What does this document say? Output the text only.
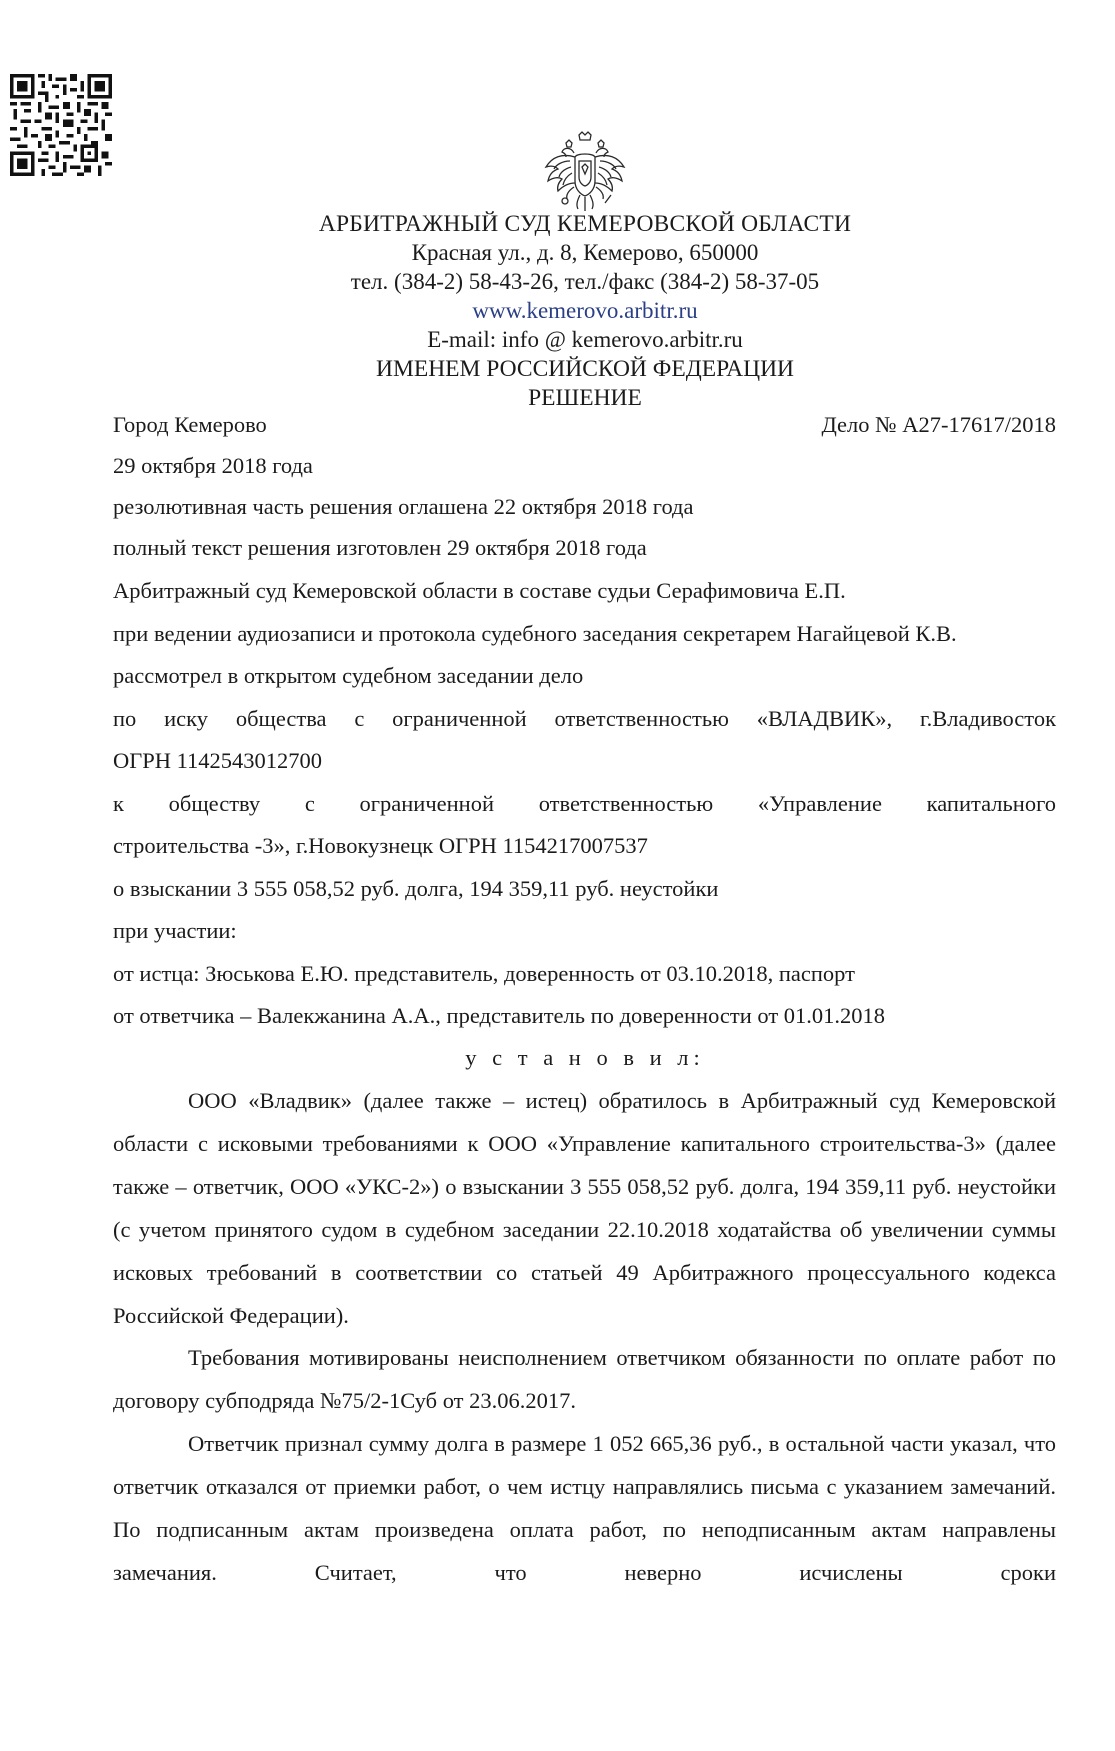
АРБИТРАЖНЫЙ СУД КЕМЕРОВСКОЙ ОБЛАСТИ
Красная ул., д. 8, Кемерово, 650000
тел. (384-2) 58-43-26, тел./факс (384-2) 58-37-05
www.kemerovo.arbitr.ru
E-mail: info @ kemerovo.arbitr.ru
ИМЕНЕМ РОССИЙСКОЙ ФЕДЕРАЦИИ
РЕШЕНИЕ
Город Кемерово	Дело № А27-17617/2018
29 октября 2018 года
резолютивная часть решения оглашена 22 октября 2018 года
полный текст решения изготовлен 29 октября 2018 года
Арбитражный суд Кемеровской области в составе судьи Серафимовича Е.П.
при ведении аудиозаписи и протокола судебного заседания секретарем Нагайцевой К.В.
рассмотрел в открытом судебном заседании дело
по иску общества с ограниченной ответственностью «ВЛАДВИК», г.Владивосток
ОГРН 1142543012700
к обществу с ограниченной ответственностью «Управление капитального
строительства -3», г.Новокузнецк ОГРН 1154217007537
о взыскании 3 555 058,52 руб. долга, 194 359,11 руб. неустойки
при участии:
от истца: Зюськова Е.Ю. представитель, доверенность от 03.10.2018, паспорт
от ответчика – Валекжанина А.А., представитель по доверенности от 01.01.2018
у с т а н о в и л:
ООО «Владвик» (далее также – истец) обратилось в Арбитражный суд Кемеровской области с исковыми требованиями к ООО «Управление капитального строительства-3» (далее также – ответчик, ООО «УКС-2») о взыскании 3 555 058,52 руб. долга, 194 359,11 руб. неустойки (с учетом принятого судом в судебном заседании 22.10.2018 ходатайства об увеличении суммы исковых требований в соответствии со статьей 49 Арбитражного процессуального кодекса Российской Федерации).
Требования мотивированы неисполнением ответчиком обязанности по оплате работ по договору субподряда №75/2-1Суб от 23.06.2017.
Ответчик признал сумму долга в размере 1 052 665,36 руб., в остальной части указал, что ответчик отказался от приемки работ, о чем истцу направлялись письма с указанием замечаний. По подписанным актам произведена оплата работ, по неподписанным актам направлены замечания. Считает, что неверно исчислены сроки
